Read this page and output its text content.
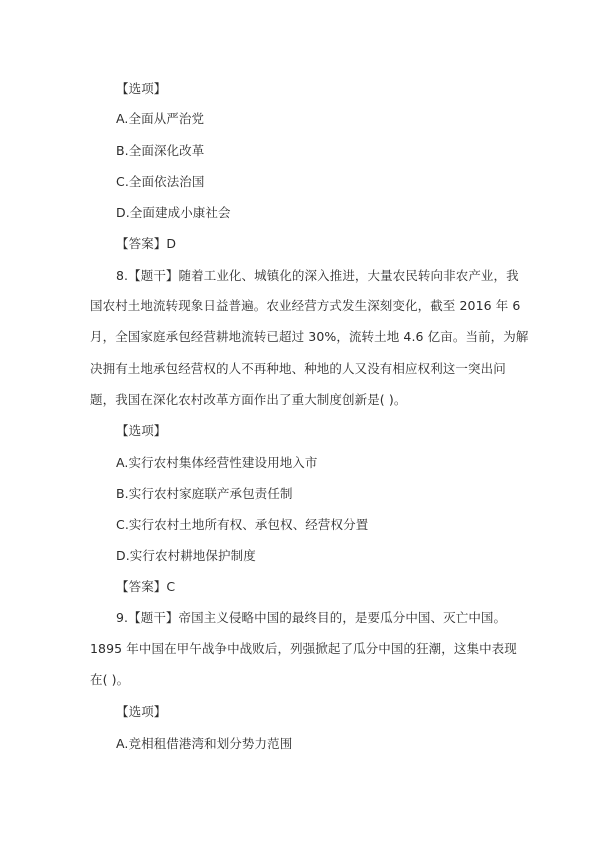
【选项】
A.全面从严治党
B.全面深化改革
C.全面依法治国
D.全面建成小康社会
【答案】D
8.【题干】随着工业化、城镇化的深入推进，大量农民转向非农产业，我
国农村土地流转现象日益普遍。农业经营方式发生深刻变化，截至 2016 年 6
月，全国家庭承包经营耕地流转已超过 30%，流转土地 4.6 亿亩。当前，为解
决拥有土地承包经营权的人不再种地、种地的人又没有相应权利这一突出问
题，我国在深化农村改革方面作出了重大制度创新是( )。
【选项】
A.实行农村集体经营性建设用地入市
B.实行农村家庭联产承包责任制
C.实行农村土地所有权、承包权、经营权分置
D.实行农村耕地保护制度
【答案】C
9.【题干】帝国主义侵略中国的最终目的，是要瓜分中国、灭亡中国。
1895 年中国在甲午战争中战败后，列强掀起了瓜分中国的狂潮，这集中表现
在( )。
【选项】
A.竞相租借港湾和划分势力范围
